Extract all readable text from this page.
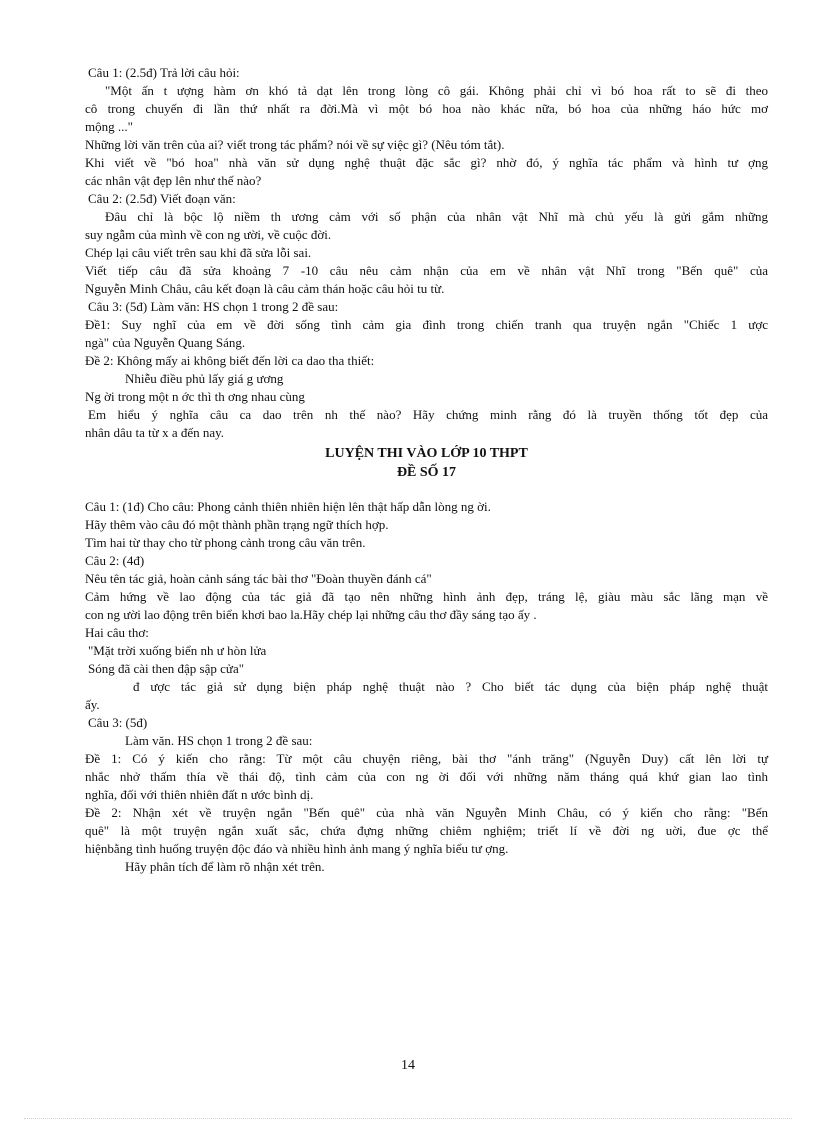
Câu 1: (2.5đ) Trả lời câu hỏi:
"Một ấn t ượng hàm ơn khó tả dạt lên trong lòng cô gái. Không phải chỉ vì bó hoa rất to sẽ đi theo
cô trong chuyến đi lần thứ nhất ra đời.Mà vì một bó hoa nào khác nữa, bó hoa của những háo hức mơ
mộng ..."
Những lời văn trên của ai? viết trong tác phẩm? nói về sự việc gì? (Nêu tóm tắt).
Khi viết về "bó hoa" nhà văn sử dụng nghệ thuật đặc sắc gì? nhờ đó, ý nghĩa tác phẩm và hình tư ợng
các nhân vật đẹp lên như thế nào?
Câu 2: (2.5đ) Viết đoạn văn:
Đâu chỉ là bộc lộ niềm th ương cảm với số phận của nhân vật Nhĩ mà chủ yếu là gửi gắm những
suy ngẫm của mình về con ng ười, về cuộc đời.
Chép lại câu viết trên sau khi đã sửa lỗi sai.
Viết tiếp câu đã sửa khoảng 7 -10 câu nêu cảm nhận của em về nhân vật Nhĩ trong "Bến quê" của
Nguyễn Minh Châu, câu kết đoạn là câu cảm thán hoặc câu hỏi tu từ.
Câu 3: (5đ) Làm văn: HS chọn 1 trong 2 đề sau:
Đề1: Suy nghĩ của em về đời sống tình cảm gia đình trong chiến tranh qua truyện ngắn "Chiếc 1 ược
ngà" của Nguyễn Quang Sáng.
Đề 2: Không mấy ai không biết đến lời ca dao tha thiết:
Nhiễu điều phủ lấy giá g ương
Ng ời trong một n ớc thì th ơng nhau cùng
Em hiểu ý nghĩa câu ca dao trên nh thế nào? Hãy chứng minh rằng đó là truyền thống tốt đẹp của
nhân dâu ta từ x a đến nay.
LUYỆN THI VÀO LỚP 10 THPT
ĐỀ SỐ 17
Câu 1: (1đ) Cho câu: Phong cảnh thiên nhiên hiện lên thật hấp dẫn lòng ng ời.
Hãy thêm vào câu đó một thành phần trạng ngữ thích hợp.
Tìm hai từ thay cho từ phong cảnh trong câu văn trên.
Câu 2: (4đ)
Nêu tên tác giả, hoàn cảnh sáng tác bài thơ "Đoàn thuyền đánh cá"
Cảm hứng về lao động của tác giả đã tạo nên những hình ảnh đẹp, tráng lệ, giàu màu sắc lãng mạn về
con ng ười lao động trên biển khơi bao la.Hãy chép lại những câu thơ đầy sáng tạo ấy .
Hai câu thơ:
"Mặt trời xuống biển nh ư hòn lửa
Sóng đã cài then đập sập cửa"
đ ược tác giả sử dụng biện pháp nghệ thuật nào ? Cho biết tác dụng của biện pháp nghệ thuật
ấy.
Câu 3: (5đ)
Làm văn. HS chọn 1 trong 2 đề sau:
Đề 1: Có ý kiến cho rằng: Từ một câu chuyện riêng, bài thơ "ánh trăng" (Nguyễn Duy) cất lên lời tự
nhắc nhở thấm thía về thái độ, tình cảm của con ng ời đối với những năm tháng quá khứ gian lao tình
nghĩa, đối với thiên nhiên đất n ước bình dị.
Đề 2: Nhận xét về truyện ngắn "Bến quê" của nhà văn Nguyễn Minh Châu, có ý kiến cho rằng: "Bến
quê" là một truyện ngắn xuất sắc, chứa đựng những chiêm nghiệm; triết lí về đời ng uời, đue ợc thể
hiệnbằng tình huống truyện độc đáo và nhiều hình ảnh mang ý nghĩa biểu tư ợng.
Hãy phân tích để làm rõ nhận xét trên.
14
